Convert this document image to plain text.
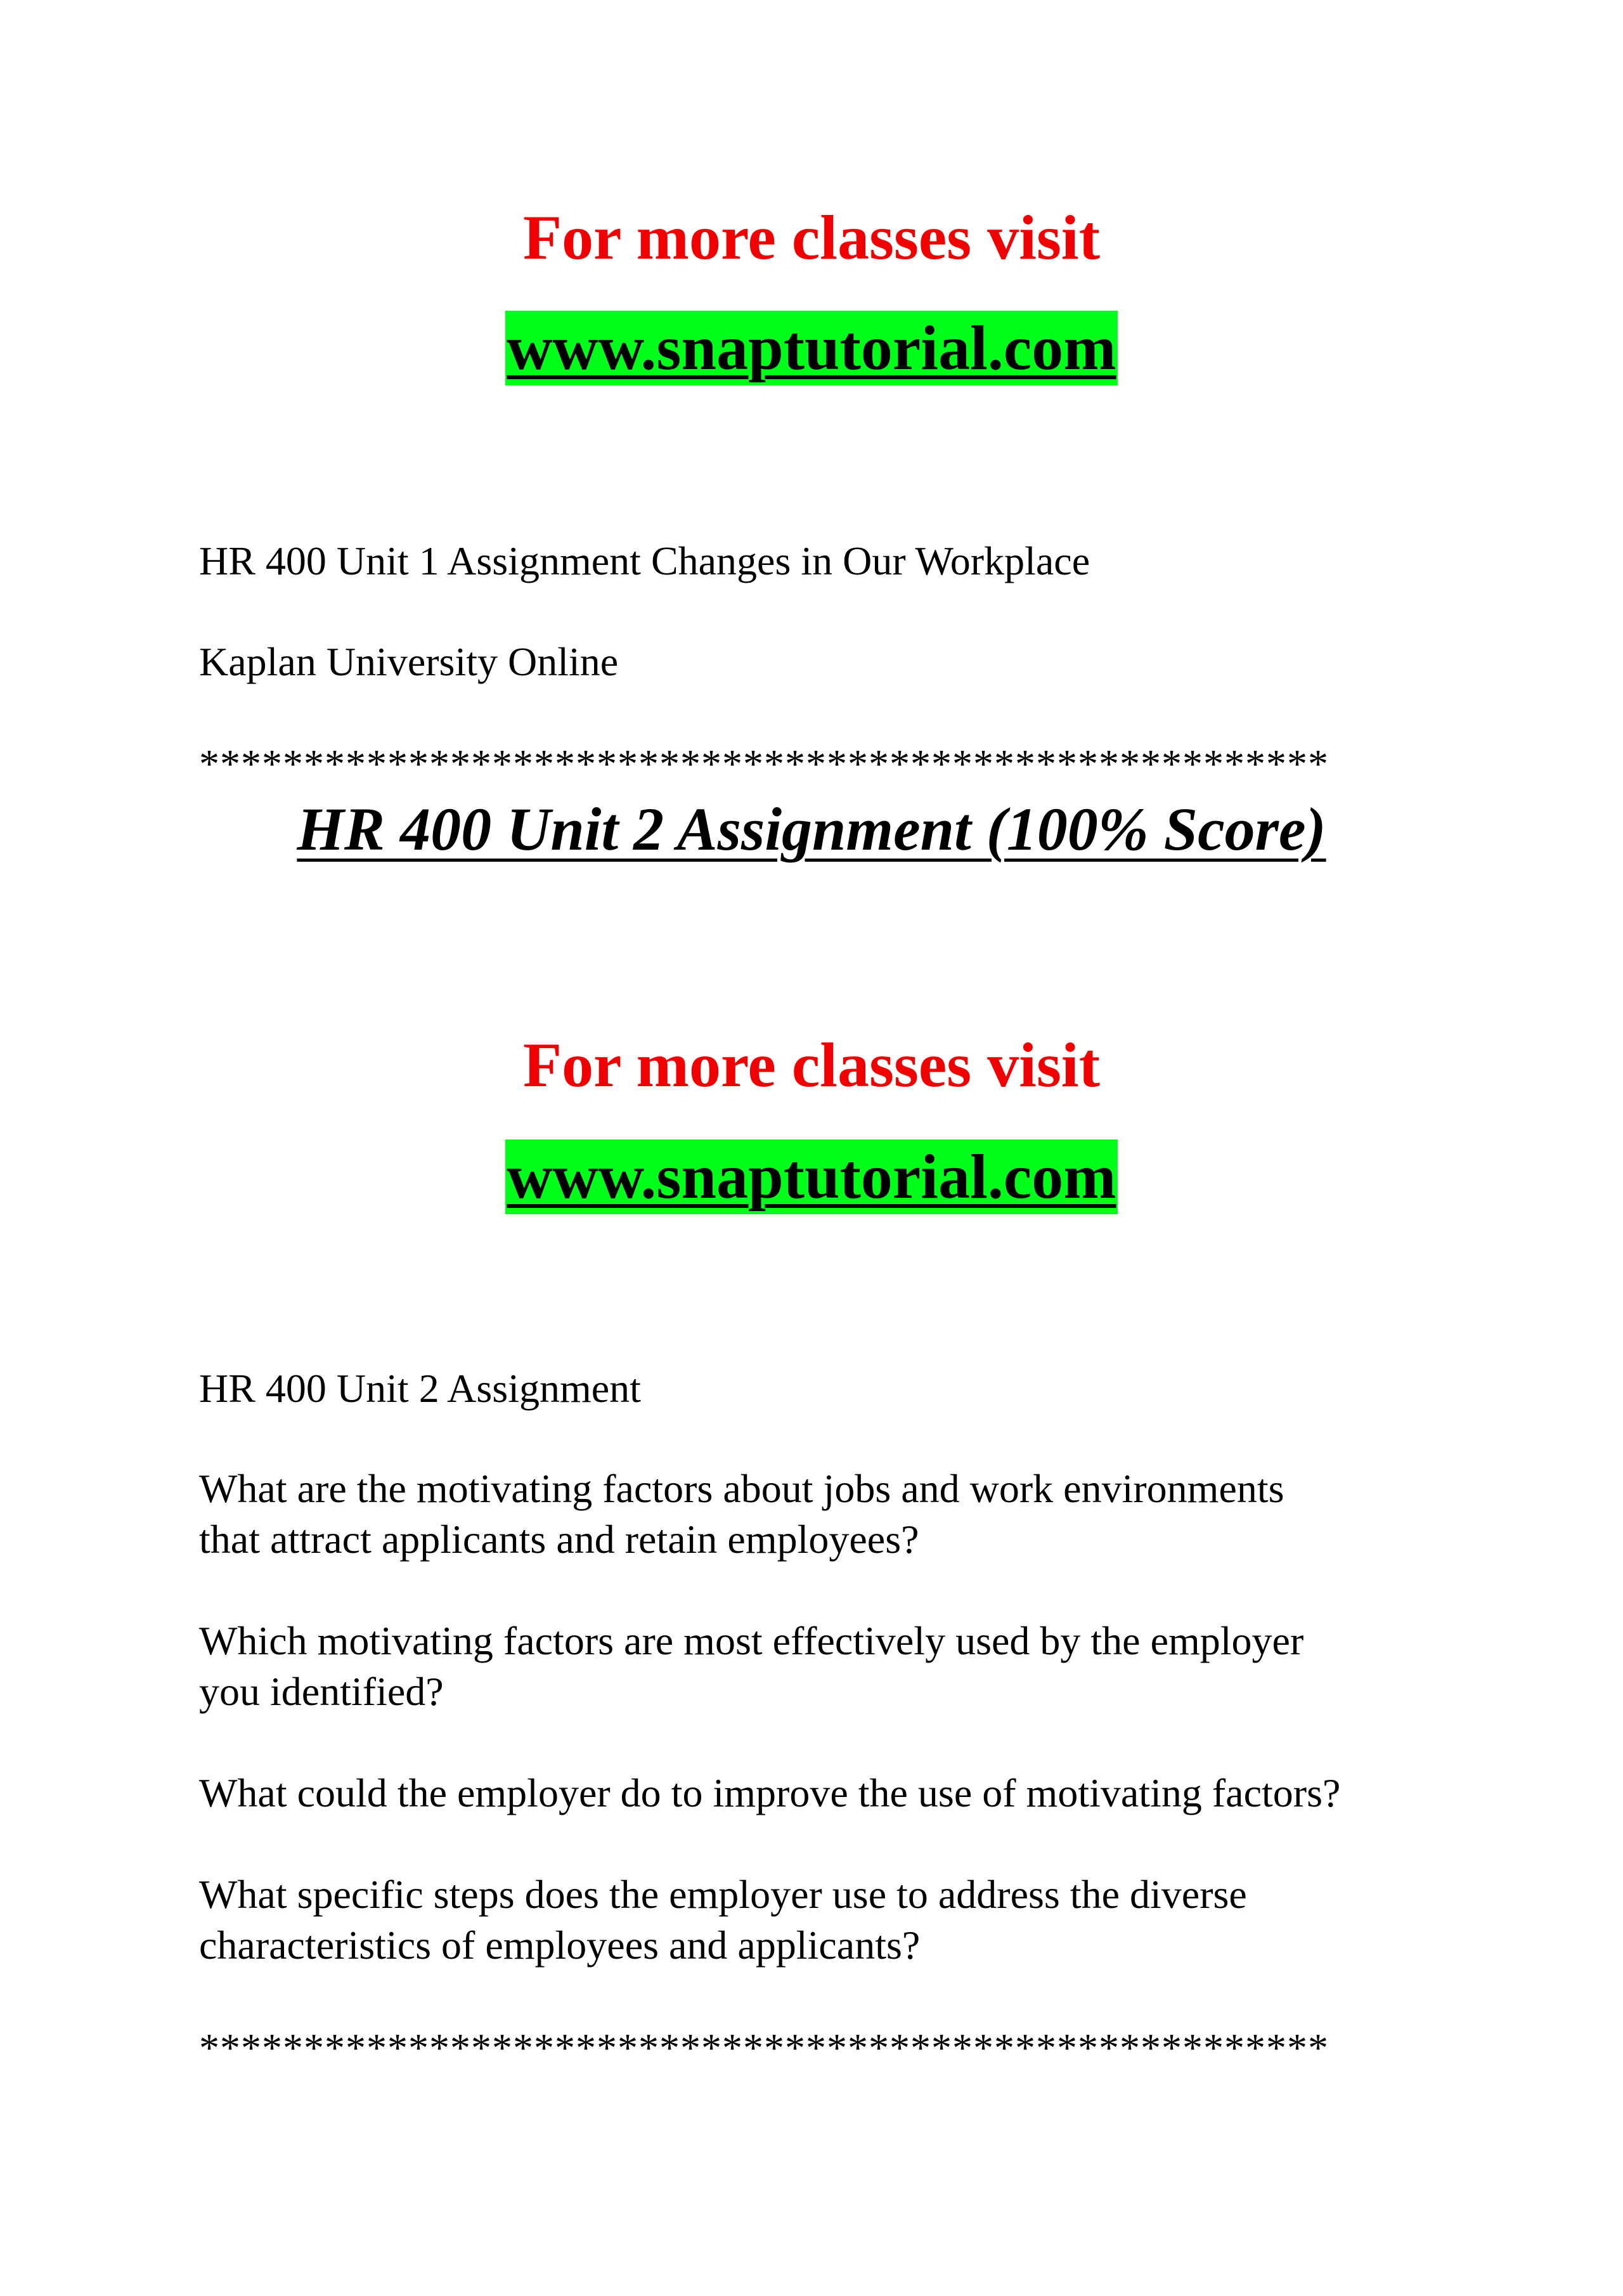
For more classes visit
www.snaptutorial.com
HR 400 Unit 1 Assignment Changes in Our Workplace
Kaplan University Online
******************************************************
HR 400 Unit 2 Assignment (100% Score)
For more classes visit
www.snaptutorial.com
HR 400 Unit 2 Assignment
What are the motivating factors about jobs and work environments
that attract applicants and retain employees?
Which motivating factors are most effectively used by the employer
you identified?
What could the employer do to improve the use of motivating factors?
What specific steps does the employer use to address the diverse
characteristics of employees and applicants?
******************************************************
